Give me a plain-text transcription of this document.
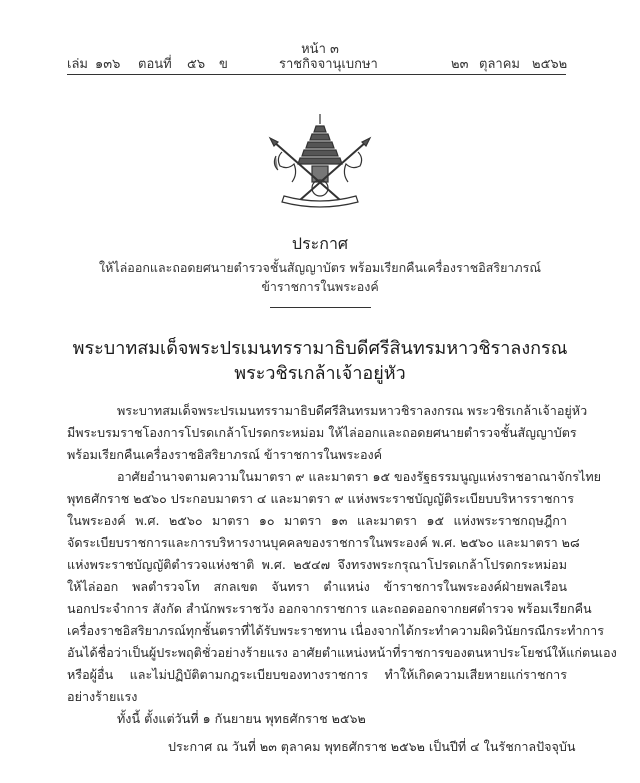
หน้า ๓
เล่ม ๑๓๖ ตอนที่ ๕๖ ข	ราชกิจจานุเบกษา	๒๓ ตุลาคม ๒๕๖๒
ประกาศ
ให้ไล่ออกและถอดยศนายตำรวจชั้นสัญญาบัตร พร้อมเรียกคืนเครื่องราชอิสริยาภรณ์
ข้าราชการในพระองค์
พระบาทสมเด็จพระปรเมนทรรามาธิบดีศรีสินทรมหาวชิราลงกรณ
พระวชิรเกล้าเจ้าอยู่หัว
พระบาทสมเด็จพระปรเมนทรรามาธิบดีศรีสินทรมหาวชิราลงกรณ พระวชิรเกล้าเจ้าอยู่หัว
มีพระบรมราชโองการโปรดเกล้าโปรดกระหม่อม ให้ไล่ออกและถอดยศนายตำรวจชั้นสัญญาบัตร
พร้อมเรียกคืนเครื่องราชอิสริยาภรณ์ ข้าราชการในพระองค์
อาศัยอำนาจตามความในมาตรา ๙ และมาตรา ๑๕ ของรัฐธรรมนูญแห่งราชอาณาจักรไทย
พุทธศักราช ๒๕๖๐ ประกอบมาตรา ๔ และมาตรา ๙ แห่งพระราชบัญญัติระเบียบบริหารราชการ
ในพระองค์ พ.ศ. ๒๕๖๐ มาตรา ๑๐ มาตรา ๑๓ และมาตรา ๑๕ แห่งพระราชกฤษฎีกา
จัดระเบียบราชการและการบริหารงานบุคคลของราชการในพระองค์ พ.ศ. ๒๕๖๐ และมาตรา ๒๘
แห่งพระราชบัญญัติตำรวจแห่งชาติ พ.ศ. ๒๕๔๗ จึงทรงพระกรุณาโปรดเกล้าโปรดกระหม่อม
ให้ไล่ออก พลตำรวจโท สกลเขต จันทรา ตำแหน่ง ข้าราชการในพระองค์ฝ่ายพลเรือน
นอกประจำการ สังกัด สำนักพระราชวัง ออกจากราชการ และถอดออกจากยศตำรวจ พร้อมเรียกคืน
เครื่องราชอิสริยาภรณ์ทุกชั้นตราที่ได้รับพระราชทาน เนื่องจากได้กระทำความผิดวินัยกรณีกระทำการ
อันได้ชื่อว่าเป็นผู้ประพฤติชั่วอย่างร้ายแรง อาศัยตำแหน่งหน้าที่ราชการของตนหาประโยชน์ให้แก่ตนเอง
หรือผู้อื่น และไม่ปฏิบัติตามกฎระเบียบของทางราชการ ทำให้เกิดความเสียหายแก่ราชการ
อย่างร้ายแรง
ทั้งนี้ ตั้งแต่วันที่ ๑ กันยายน พุทธศักราช ๒๕๖๒
ประกาศ ณ วันที่ ๒๓ ตุลาคม พุทธศักราช ๒๕๖๒ เป็นปีที่ ๔ ในรัชกาลปัจจุบัน
